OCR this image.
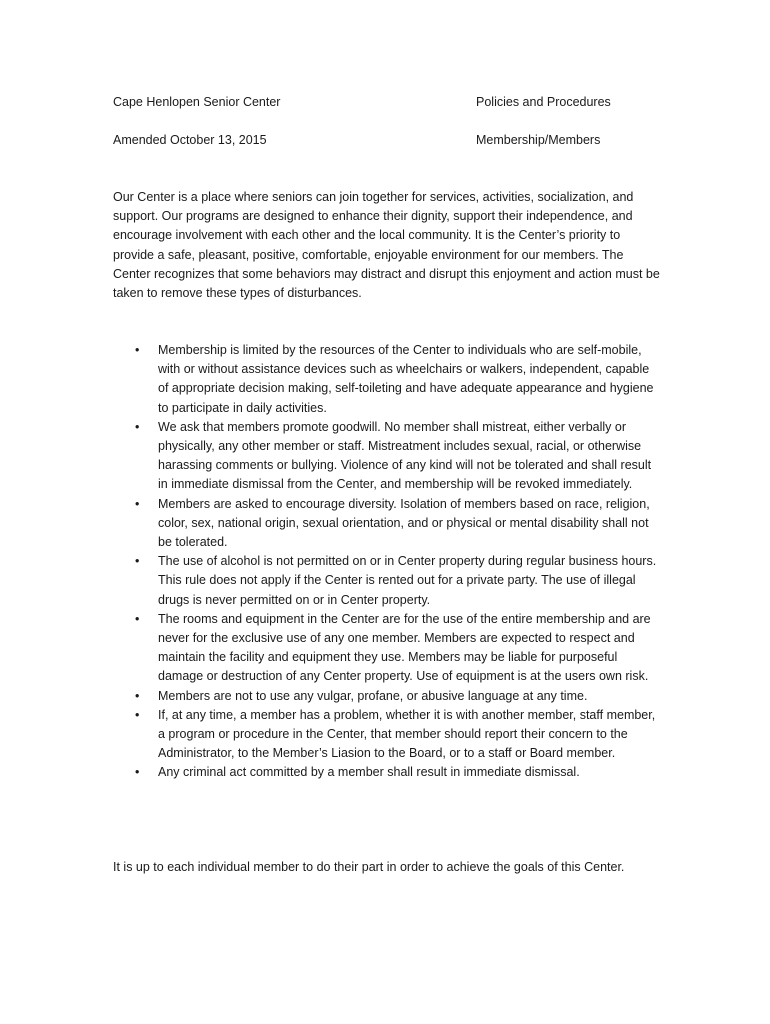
Cape Henlopen Senior Center	Policies and Procedures
Amended October 13, 2015	Membership/Members

Our Center is a place where seniors can join together for services, activities, socialization, and support. Our programs are designed to enhance their dignity, support their independence, and encourage involvement with each other and the local community. It is the Center’s priority to provide a safe, pleasant, positive, comfortable, enjoyable environment for our members. The Center recognizes that some behaviors may distract and disrupt this enjoyment and action must be taken to remove these types of disturbances.

• Membership is limited by the resources of the Center to individuals who are self-mobile, with or without assistance devices such as wheelchairs or walkers, independent, capable of appropriate decision making, self-toileting and have adequate appearance and hygiene to participate in daily activities.
• We ask that members promote goodwill. No member shall mistreat, either verbally or physically, any other member or staff. Mistreatment includes sexual, racial, or otherwise harassing comments or bullying. Violence of any kind will not be tolerated and shall result in immediate dismissal from the Center, and membership will be revoked immediately.
• Members are asked to encourage diversity. Isolation of members based on race, religion, color, sex, national origin, sexual orientation, and or physical or mental disability shall not be tolerated.
• The use of alcohol is not permitted on or in Center property during regular business hours. This rule does not apply if the Center is rented out for a private party. The use of illegal drugs is never permitted on or in Center property.
• The rooms and equipment in the Center are for the use of the entire membership and are never for the exclusive use of any one member. Members are expected to respect and maintain the facility and equipment they use. Members may be liable for purposeful damage or destruction of any Center property. Use of equipment is at the users own risk.
• Members are not to use any vulgar, profane, or abusive language at any time.
• If, at any time, a member has a problem, whether it is with another member, staff member, a program or procedure in the Center, that member should report their concern to the Administrator, to the Member’s Liasion to the Board, or to a staff or Board member.
• Any criminal act committed by a member shall result in immediate dismissal.

It is up to each individual member to do their part in order to achieve the goals of this Center.
